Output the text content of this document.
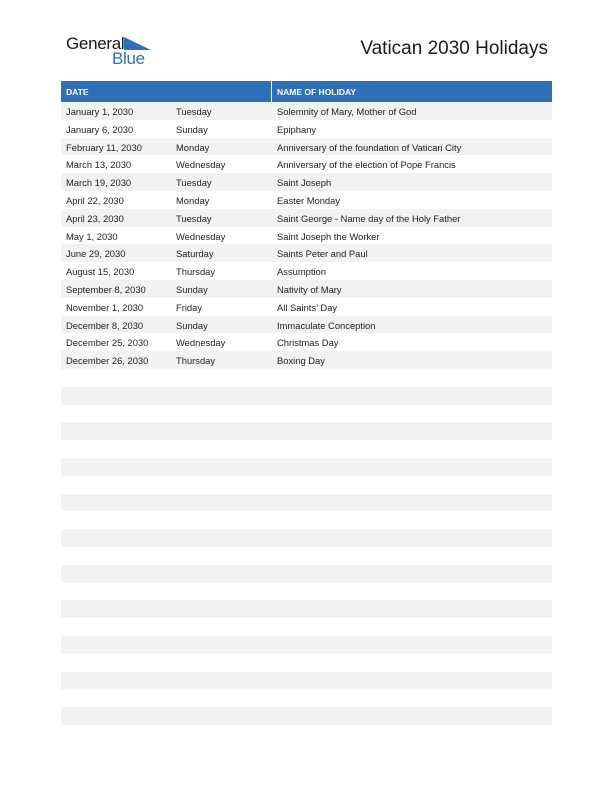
General
Blue	Vatican 2030 Holidays
DATE	NAME OF HOLIDAY
January 1, 2030	Tuesday	Solemnity of Mary, Mother of God
January 6, 2030	Sunday	Epiphany
February 11, 2030	Monday	Anniversary of the foundation of Vatican City
March 13, 2030	Wednesday	Anniversary of the election of Pope Francis
March 19, 2030	Tuesday	Saint Joseph
April 22, 2030	Monday	Easter Monday
April 23, 2030	Tuesday	Saint George - Name day of the Holy Father
May 1, 2030	Wednesday	Saint Joseph the Worker
June 29, 2030	Saturday	Saints Peter and Paul
August 15, 2030	Thursday	Assumption
September 8, 2030	Sunday	Nativity of Mary
November 1, 2030	Friday	All Saints’ Day
December 8, 2030	Sunday	Immaculate Conception
December 25, 2030	Wednesday	Christmas Day
December 26, 2030	Thursday	Boxing Day
